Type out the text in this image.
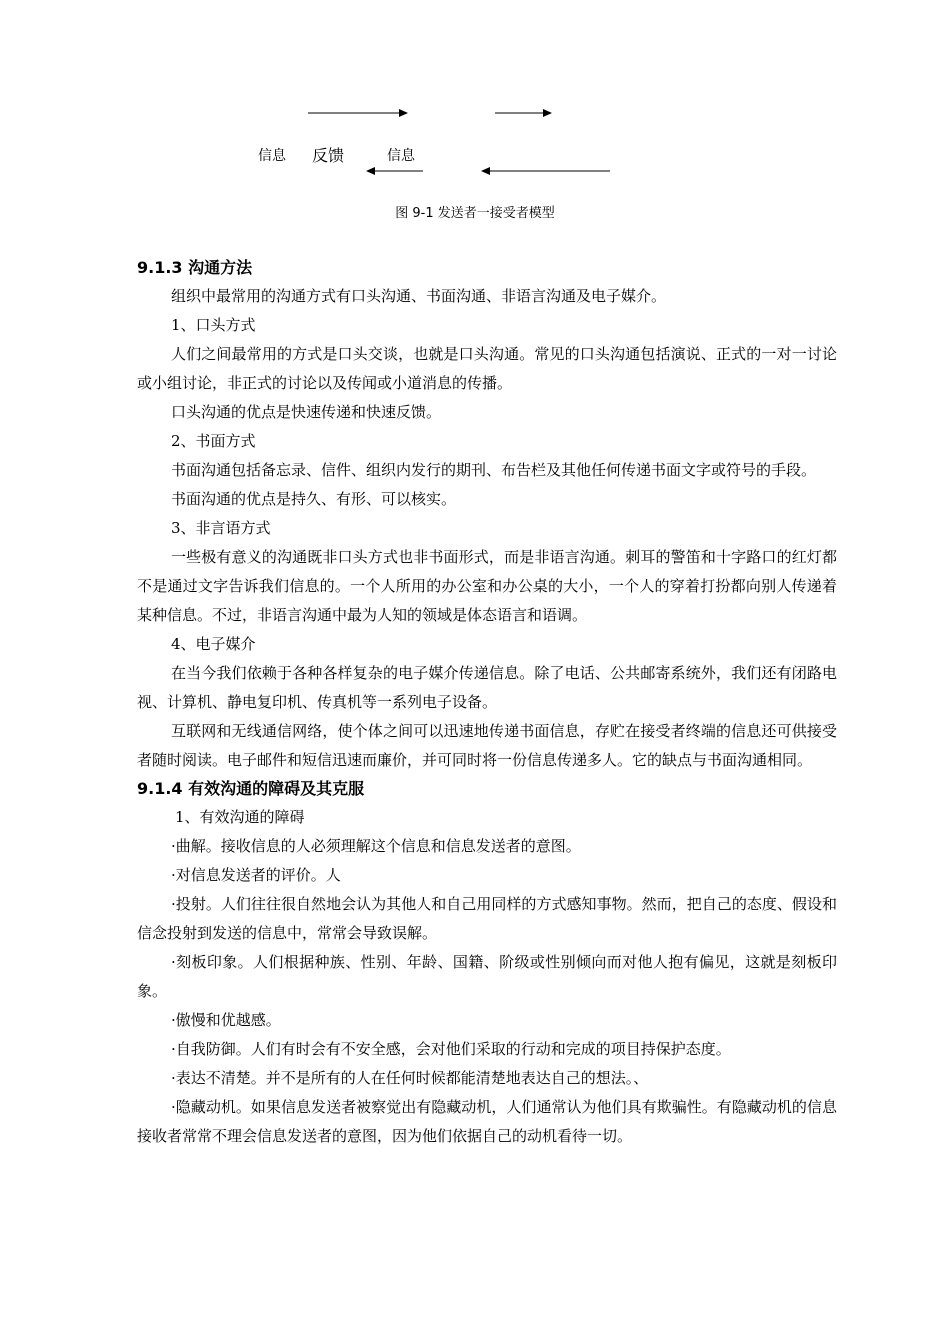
信息 反馈	信息
图 9-1 发送者一接受者模型
9.1.3 沟通方法

组织中最常用的沟通方式有口头沟通、书面沟通、非语言沟通及电子媒介。

1、口头方式

人们之间最常用的方式是口头交谈，也就是口头沟通。常见的口头沟通包括演说、正式的一对一讨论或小组讨论，非正式的讨论以及传闻或小道消息的传播。

口头沟通的优点是快速传递和快速反馈。

2、书面方式

书面沟通包括备忘录、信件、组织内发行的期刊、布告栏及其他任何传递书面文字或符号的手段。

书面沟通的优点是持久、有形、可以核实。

3、非言语方式

一些极有意义的沟通既非口头方式也非书面形式，而是非语言沟通。刺耳的警笛和十字路口的红灯都不是通过文字告诉我们信息的。一个人所用的办公室和办公桌的大小，一个人的穿着打扮都向别人传递着某种信息。不过，非语言沟通中最为人知的领域是体态语言和语调。

4、电子媒介

在当今我们依赖于各种各样复杂的电子媒介传递信息。除了电话、公共邮寄系统外，我们还有闭路电视、计算机、静电复印机、传真机等一系列电子设备。

互联网和无线通信网络，使个体之间可以迅速地传递书面信息，存贮在接受者终端的信息还可供接受者随时阅读。电子邮件和短信迅速而廉价，并可同时将一份信息传递多人。它的缺点与书面沟通相同。

9.1.4 有效沟通的障碍及其克服

1、有效沟通的障碍

·曲解。接收信息的人必须理解这个信息和信息发送者的意图。

·对信息发送者的评价。人

·投射。人们往往很自然地会认为其他人和自己用同样的方式感知事物。然而，把自己的态度、假设和信念投射到发送的信息中，常常会导致误解。

·刻板印象。人们根据种族、性别、年龄、国籍、阶级或性别倾向而对他人抱有偏见，这就是刻板印象。

·傲慢和优越感。

·自我防御。人们有时会有不安全感，会对他们采取的行动和完成的项目持保护态度。

·表达不清楚。并不是所有的人在任何时候都能清楚地表达自己的想法。、

·隐藏动机。如果信息发送者被察觉出有隐藏动机，人们通常认为他们具有欺骗性。有隐藏动机的信息接收者常常不理会信息发送者的意图，因为他们依据自己的动机看待一切。
